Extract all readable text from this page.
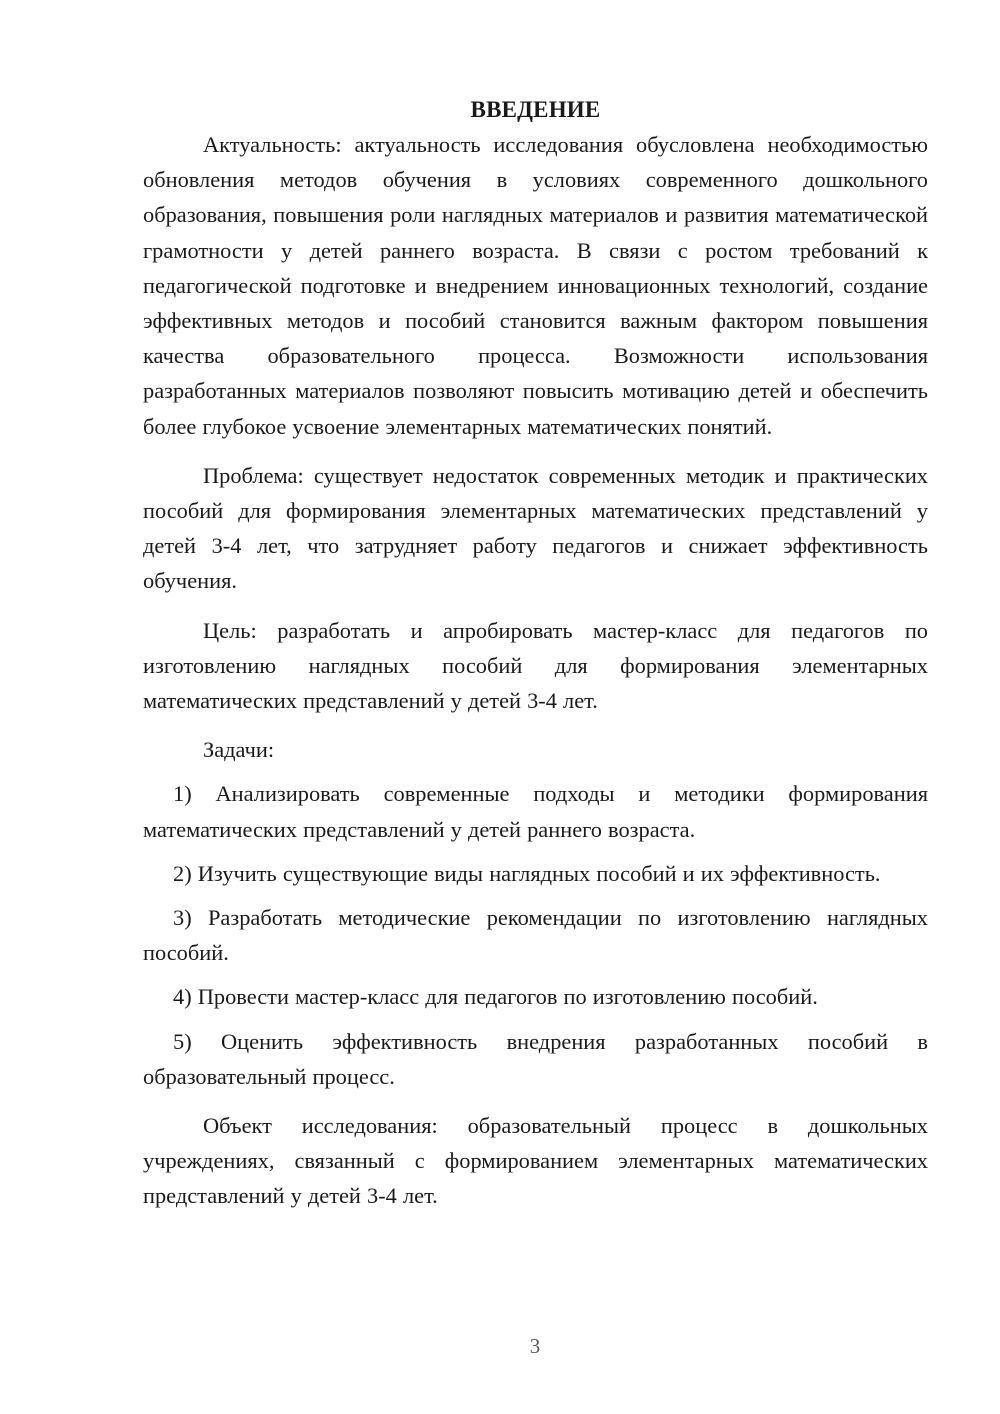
ВВЕДЕНИЕ

Актуальность: актуальность исследования обусловлена необходимостью обновления методов обучения в условиях современного дошкольного образования, повышения роли наглядных материалов и развития математической грамотности у детей раннего возраста. В связи с ростом требований к педагогической подготовке и внедрением инновационных технологий, создание эффективных методов и пособий становится важным фактором повышения качества образовательного процесса. Возможности использования разработанных материалов позволяют повысить мотивацию детей и обеспечить более глубокое усвоение элементарных математических понятий.

Проблема: существует недостаток современных методик и практических пособий для формирования элементарных математических представлений у детей 3-4 лет, что затрудняет работу педагогов и снижает эффективность обучения.

Цель: разработать и апробировать мастер-класс для педагогов по изготовлению наглядных пособий для формирования элементарных математических представлений у детей 3-4 лет.

Задачи:

1) Анализировать современные подходы и методики формирования математических представлений у детей раннего возраста.

2) Изучить существующие виды наглядных пособий и их эффективность.

3) Разработать методические рекомендации по изготовлению наглядных пособий.

4) Провести мастер-класс для педагогов по изготовлению пособий.

5) Оценить эффективность внедрения разработанных пособий в образовательный процесс.

Объект исследования: образовательный процесс в дошкольных учреждениях, связанный с формированием элементарных математических представлений у детей 3-4 лет.

3
